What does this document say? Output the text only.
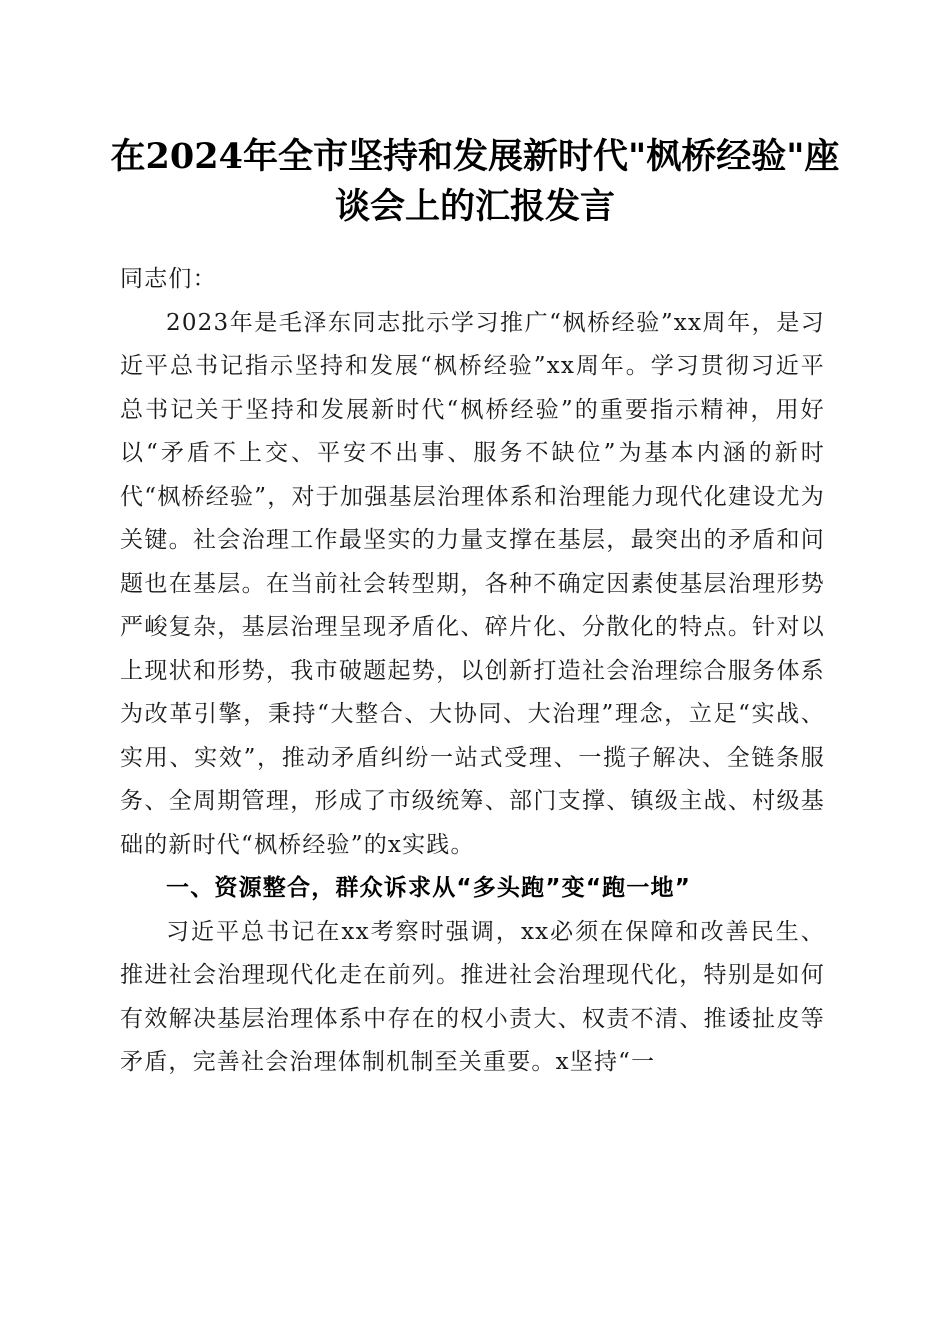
在2024年全市坚持和发展新时代"枫桥经验"座谈会上的汇报发言

同志们：

2023年是毛泽东同志批示学习推广“枫桥经验”xx周年，是习近平总书记指示坚持和发展“枫桥经验”xx周年。学习贯彻习近平总书记关于坚持和发展新时代“枫桥经验”的重要指示精神，用好以“矛盾不上交、平安不出事、服务不缺位”为基本内涵的新时代“枫桥经验”，对于加强基层治理体系和治理能力现代化建设尤为关键。社会治理工作最坚实的力量支撑在基层，最突出的矛盾和问题也在基层。在当前社会转型期，各种不确定因素使基层治理形势严峻复杂，基层治理呈现矛盾化、碎片化、分散化的特点。针对以上现状和形势，我市破题起势，以创新打造社会治理综合服务体系为改革引擎，秉持“大整合、大协同、大治理”理念，立足“实战、实用、实效”，推动矛盾纠纷一站式受理、一揽子解决、全链条服务、全周期管理，形成了市级统筹、部门支撑、镇级主战、村级基础的新时代“枫桥经验”的x实践。

一、资源整合，群众诉求从“多头跑”变“跑一地”

习近平总书记在xx考察时强调，xx必须在保障和改善民生、推进社会治理现代化走在前列。推进社会治理现代化，特别是如何有效解决基层治理体系中存在的权小责大、权责不清、推诿扯皮等矛盾，完善社会治理体制机制至关重要。x坚持“一
